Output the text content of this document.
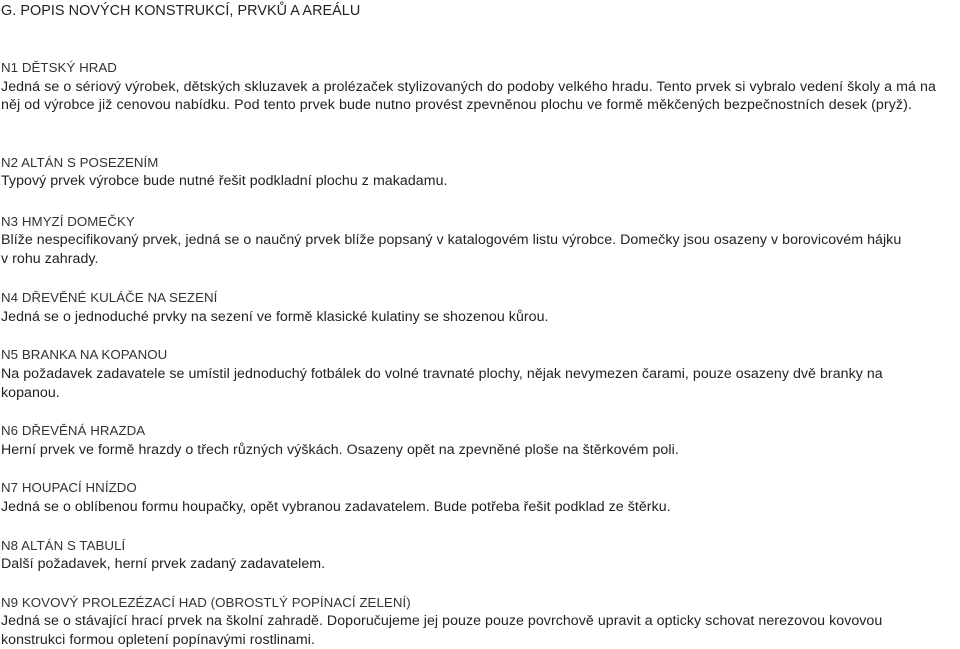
G. POPIS NOVÝCH KONSTRUKCÍ, PRVKŮ A AREÁLU
N1 DĚTSKÝ HRAD
Jedná se o sériový výrobek, dětských skluzavek a prolézaček stylizovaných do podoby velkého hradu. Tento prvek si vybralo vedení školy a má na
něj od výrobce již cenovou nabídku. Pod tento prvek bude nutno provést zpevněnou plochu ve formě měkčených bezpečnostních desek (pryž).
N2 ALTÁN S POSEZENÍM
Typový prvek výrobce bude nutné řešit podkladní plochu z makadamu.
N3 HMYZÍ DOMEČKY
Blíže nespecifikovaný prvek, jedná se o naučný prvek blíže popsaný v katalogovém listu výrobce. Domečky jsou osazeny v borovicovém hájku
v rohu zahrady.
N4 DŘEVĚNÉ KULÁČE NA SEZENÍ
Jedná se o jednoduché prvky na sezení ve formě klasické kulatiny se shozenou kůrou.
N5 BRANKA NA KOPANOU
Na požadavek zadavatele se umístil jednoduchý fotbálek do volné travnaté plochy, nějak nevymezen čarami, pouze osazeny dvě branky na
kopanou.
N6 DŘEVĚNÁ HRAZDA
Herní prvek ve formě hrazdy o třech různých výškách. Osazeny opět na zpevněné ploše na štěrkovém poli.
N7 HOUPACÍ HNÍZDO
Jedná se o oblíbenou formu houpačky, opět vybranou zadavatelem. Bude potřeba řešit podklad ze štěrku.
N8 ALTÁN S TABULÍ
Další požadavek, herní prvek zadaný zadavatelem.
N9 KOVOVÝ PROLEZÉZACÍ HAD (OBROSTLÝ POPÍNACÍ ZELENÍ)
Jedná se o stávající hrací prvek na školní zahradě. Doporučujeme jej pouze pouze povrchově upravit a opticky schovat nerezovou kovovou
konstrukci formou opletení popínavými rostlinami.
